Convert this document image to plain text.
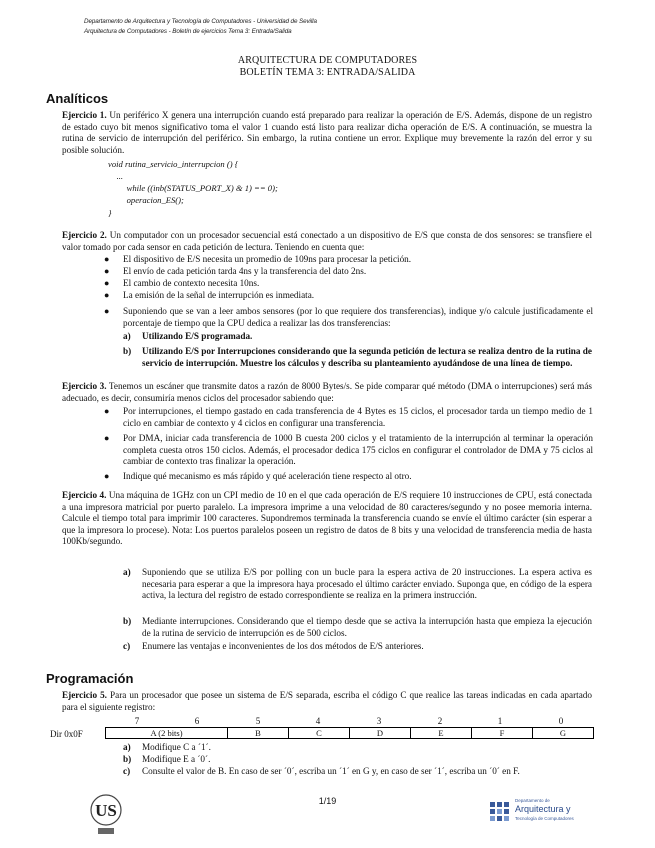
Departamento de Arquitectura y Tecnología de Computadores - Universidad de Sevilla
Arquitectura de Computadores - Boletín de ejercicios Tema 3: Entrada/Salida
ARQUITECTURA DE COMPUTADORES
BOLETÍN TEMA 3: ENTRADA/SALIDA
Analíticos
Ejercicio 1. Un periférico X genera una interrupción cuando está preparado para realizar la operación de E/S. Además, dispone de un registro de estado cuyo bit menos significativo toma el valor 1 cuando está listo para realizar dicha operación de E/S. A continuación, se muestra la rutina de servicio de interrupción del periférico. Sin embargo, la rutina contiene un error. Explique muy brevemente la razón del error y su posible solución.
void rutina_servicio_interrupcion () {
...
while ((inb(STATUS_PORT_X) & 1) == 0);
operacion_ES();
}
Ejercicio 2. Un computador con un procesador secuencial está conectado a un dispositivo de E/S que consta de dos sensores: se transfiere el valor tomado por cada sensor en cada petición de lectura. Teniendo en cuenta que:
● El dispositivo de E/S necesita un promedio de 109ns para procesar la petición.
● El envío de cada petición tarda 4ns y la transferencia del dato 2ns.
● El cambio de contexto necesita 10ns.
● La emisión de la señal de interrupción es inmediata.
● Suponiendo que se van a leer ambos sensores (por lo que requiere dos transferencias), indique y/o calcule justificadamente el porcentaje de tiempo que la CPU dedica a realizar las dos transferencias:
a) Utilizando E/S programada.
b) Utilizando E/S por Interrupciones considerando que la segunda petición de lectura se realiza dentro de la rutina de servicio de interrupción. Muestre los cálculos y describa su planteamiento ayudándose de una línea de tiempo.
Ejercicio 3. Tenemos un escáner que transmite datos a razón de 8000 Bytes/s. Se pide comparar qué método (DMA o interrupciones) será más adecuado, es decir, consumiría menos ciclos del procesador sabiendo que:
● Por interrupciones, el tiempo gastado en cada transferencia de 4 Bytes es 15 ciclos, el procesador tarda un tiempo medio de 1 ciclo en cambiar de contexto y 4 ciclos en configurar una transferencia.
● Por DMA, iniciar cada transferencia de 1000 B cuesta 200 ciclos y el tratamiento de la interrupción al terminar la operación completa cuesta otros 150 ciclos. Además, el procesador dedica 175 ciclos en configurar el controlador de DMA y 75 ciclos al cambiar de contexto tras finalizar la operación.
● Indique qué mecanismo es más rápido y qué aceleración tiene respecto al otro.
Ejercicio 4. Una máquina de 1GHz con un CPI medio de 10 en el que cada operación de E/S requiere 10 instrucciones de CPU, está conectada a una impresora matricial por puerto paralelo. La impresora imprime a una velocidad de 80 caracteres/segundo y no posee memoria interna. Calcule el tiempo total para imprimir 100 caracteres. Supondremos terminada la transferencia cuando se envíe el último carácter (sin esperar a que la impresora lo procese). Nota: Los puertos paralelos poseen un registro de datos de 8 bits y una velocidad de transferencia media de hasta 100Kb/segundo.
a) Suponiendo que se utiliza E/S por polling con un bucle para la espera activa de 20 instrucciones. La espera activa es necesaria para esperar a que la impresora haya procesado el último carácter enviado. Suponga que, en código de la espera activa, la lectura del registro de estado correspondiente se realiza en la primera instrucción.
b) Mediante interrupciones. Considerando que el tiempo desde que se activa la interrupción hasta que empieza la ejecución de la rutina de servicio de interrupción es de 500 ciclos.
c) Enumere las ventajas e inconvenientes de los dos métodos de E/S anteriores.
Programación
Ejercicio 5. Para un procesador que posee un sistema de E/S separada, escriba el código C que realice las tareas indicadas en cada apartado para el siguiente registro:
7	6	5	4	3	2	1	0
Dir 0x0F	A (2 bits)	B	C	D	E	F	G
a) Modifique C a ´1´.
b) Modifique E a ´0´.
c) Consulte el valor de B. En caso de ser ´0´, escriba un ´1´ en G y, en caso de ser ´1´, escriba un ´0´ en F.
1/19
US
Departamento de
Arquitectura y
Tecnología de Computadores
